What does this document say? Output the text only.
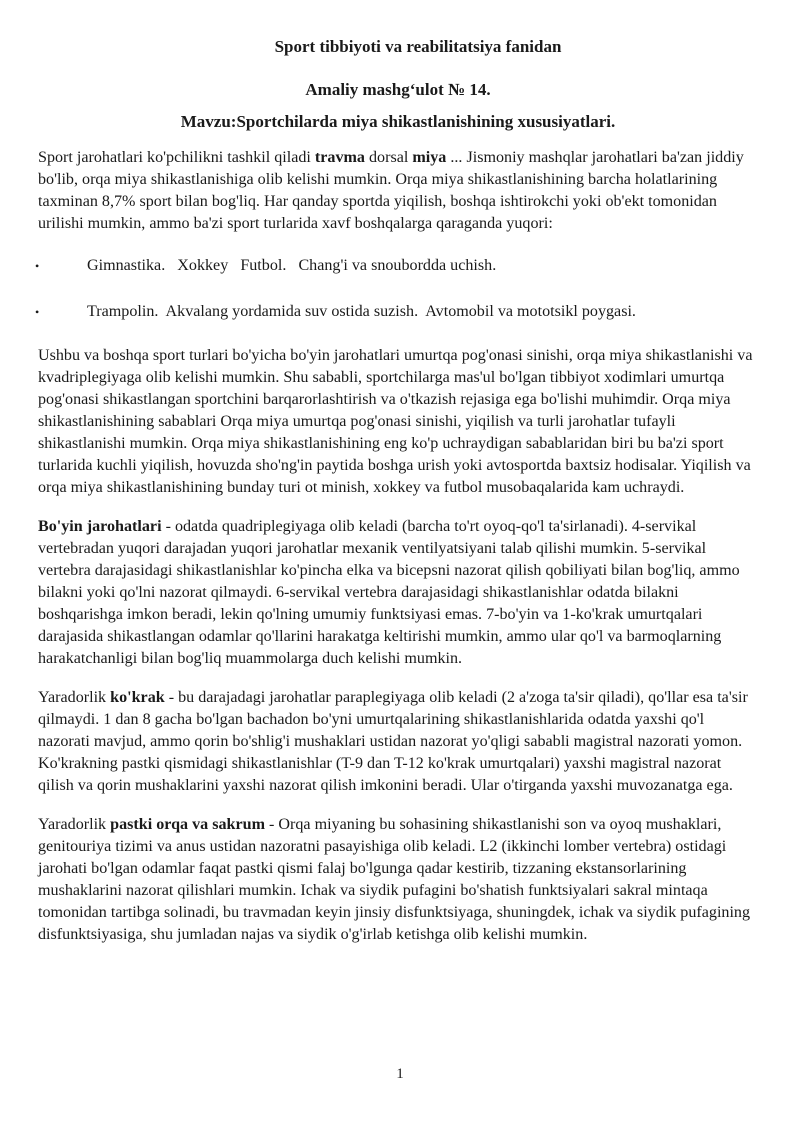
Sport tibbiyoti va reabilitatsiya fanidan
Amaliy mashg‘ulot № 14.
Mavzu:Sportchilarda miya shikastlanishining xususiyatlari.

Sport jarohatlari ko'pchilikni tashkil qiladi travma dorsal miya ... Jismoniy mashqlar jarohatlari ba'zan jiddiy bo'lib, orqa miya shikastlanishiga olib kelishi mumkin. Orqa miya shikastlanishining barcha holatlarining taxminan 8,7% sport bilan bog'liq. Har qanday sportda yiqilish, boshqa ishtirokchi yoki ob'ekt tomonidan urilishi mumkin, ammo ba'zi sport turlarida xavf boshqalarga qaraganda yuqori:

•	Gimnastika.   Xokkey   Futbol.   Chang'i va snoubordda uchish.
•	Trampolin.  Akvalang yordamida suv ostida suzish.  Avtomobil va mototsikl poygasi.

Ushbu va boshqa sport turlari bo'yicha bo'yin jarohatlari umurtqa pog'onasi sinishi, orqa miya shikastlanishi va kvadriplegiyaga olib kelishi mumkin. Shu sababli, sportchilarga mas'ul bo'lgan tibbiyot xodimlari umurtqa pog'onasi shikastlangan sportchini barqarorlashtirish va o'tkazish rejasiga ega bo'lishi muhimdir. Orqa miya shikastlanishining sabablari Orqa miya umurtqa pog'onasi sinishi, yiqilish va turli jarohatlar tufayli shikastlanishi mumkin. Orqa miya shikastlanishining eng ko'p uchraydigan sabablaridan biri bu ba'zi sport turlarida kuchli yiqilish, hovuzda sho'ng'in paytida boshga urish yoki avtosportda baxtsiz hodisalar. Yiqilish va orqa miya shikastlanishining bunday turi ot minish, xokkey va futbol musobaqalarida kam uchraydi.

Bo'yin jarohatlari - odatda quadriplegiyaga olib keladi (barcha to'rt oyoq-qo'l ta'sirlanadi). 4-servikal vertebradan yuqori darajadan yuqori jarohatlar mexanik ventilyatsiyani talab qilishi mumkin. 5-servikal vertebra darajasidagi shikastlanishlar ko'pincha elka va bicepsni nazorat qilish qobiliyati bilan bog'liq, ammo bilakni yoki qo'lni nazorat qilmaydi. 6-servikal vertebra darajasidagi shikastlanishlar odatda bilakni boshqarishga imkon beradi, lekin qo'lning umumiy funktsiyasi emas. 7-bo'yin va 1-ko'krak umurtqalari darajasida shikastlangan odamlar qo'llarini harakatga keltirishi mumkin, ammo ular qo'l va barmoqlarning harakatchanligi bilan bog'liq muammolarga duch kelishi mumkin.

Yaradorlik ko'krak - bu darajadagi jarohatlar paraplegiyaga olib keladi (2 a'zoga ta'sir qiladi), qo'llar esa ta'sir qilmaydi. 1 dan 8 gacha bo'lgan bachadon bo'yni umurtqalarining shikastlanishlarida odatda yaxshi qo'l nazorati mavjud, ammo qorin bo'shlig'i mushaklari ustidan nazorat yo'qligi sababli magistral nazorati yomon. Ko'krakning pastki qismidagi shikastlanishlar (T-9 dan T-12 ko'krak umurtqalari) yaxshi magistral nazorat qilish va qorin mushaklarini yaxshi nazorat qilish imkonini beradi. Ular o'tirganda yaxshi muvozanatga ega.

Yaradorlik pastki orqa va sakrum - Orqa miyaning bu sohasining shikastlanishi son va oyoq mushaklari, genitouriya tizimi va anus ustidan nazoratni pasayishiga olib keladi. L2 (ikkinchi lomber vertebra) ostidagi jarohati bo'lgan odamlar faqat pastki qismi falaj bo'lgunga qadar kestirib, tizzaning ekstansorlarining mushaklarini nazorat qilishlari mumkin. Ichak va siydik pufagini bo'shatish funktsiyalari sakral mintaqa tomonidan tartibga solinadi, bu travmadan keyin jinsiy disfunktsiyaga, shuningdek, ichak va siydik pufagining disfunktsiyasiga, shu jumladan najas va siydik o'g'irlab ketishga olib kelishi mumkin.

1
